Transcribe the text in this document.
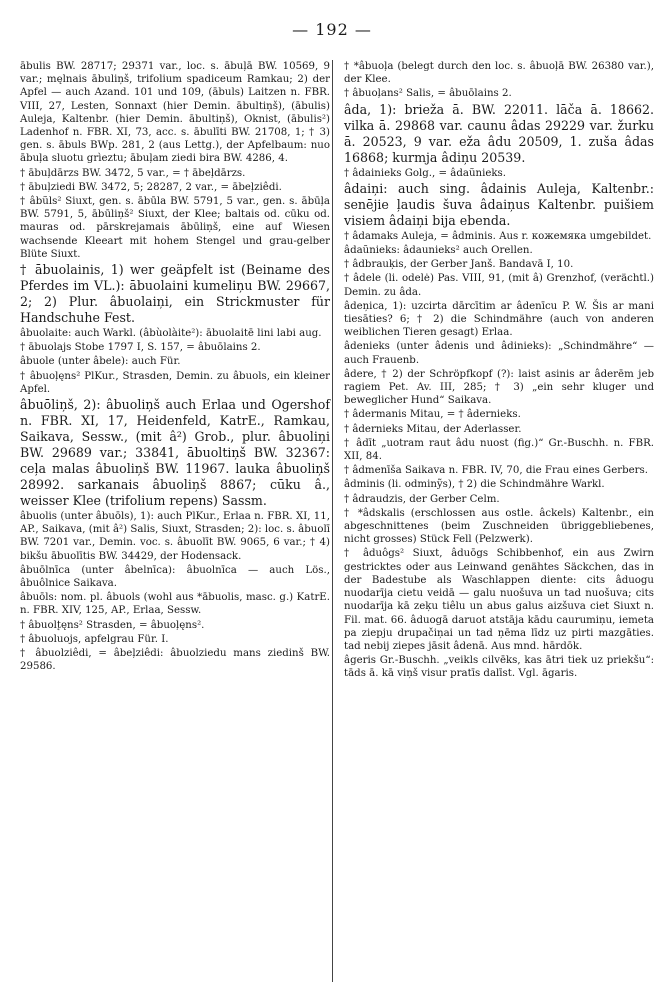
— 192 —

ābulis BW. 28717; 29371 var., loc. s. ābuļā BW. 10569, 9 var.; męlnais ābuliņš, trifolium spadiceum Ramkau; 2) der Apfel — auch Azand. 101 und 109, (ābuls) Laitzen n. FBR. VIII, 27, Lesten, Sonnaxt (hier Demin. ābultiņš), (ābulis) Auleja, Kaltenbr. (hier Demin. ābultiņš), Oknist, (ābulis²) Ladenhof n. FBR. XI, 73, acc. s. ābulīti BW. 21708, 1; † 3) gen. s. ābuls BWp. 281, 2 (aus Lettg.), der Apfelbaum: nuo ābuļa sluotu grìeztu; ābuļam ziedi bira BW. 4286, 4.

† ābuļdārzs BW. 3472, 5 var., = † ābeļdārzs.

† ābuļziedi BW. 3472, 5; 28287, 2 var., = ābeļziêdi.

† âbũls² Siuxt, gen. s. ābūla BW. 5791, 5 var., gen. s. ābūļa BW. 5791, 5, ābūliņš² Siuxt, der Klee; baltais od. cūku od. mauras od. pārskrejamais ābūliņš, eine auf Wiesen wachsende Kleeart mit hohem Stengel und grau-gelber Blüte Siuxt.

† ābuolainis, 1) wer geäpfelt ist (Beiname des Pferdes im VL.): ābuolaini kumeliņu BW. 29667, 2; 2) Plur. âbuolaiņi, ein Strickmuster für Handschuhe Fest.

âbuolaite: auch Warkl. (âbùolàite²): ābuolaitē lini labi aug.

† ābuolajs Stobe 1797 I, S. 157, = âbuōlains 2.

âbuole (unter âbele): auch Für.

† âbuoļęns² PlKur., Strasden, Demin. zu âbuols, ein kleiner Apfel.

âbuōliņš, 2): âbuoliņš auch Erlaa und Ogershof n. FBR. XI, 17, Heidenfeld, KatrE., Ramkau, Saikava, Sessw., (mit â²) Grob., plur. âbuoliņi BW. 29689 var.; 33841, ābuoltiņš BW. 32367: ceļa malas âbuoliņš BW. 11967. lauka âbuoliņš 28992. sarkanais âbuoliņš 8867; cūku â., weisser Klee (trifolium repens) Sassm.

âbuolis (unter âbuōls), 1): auch PlKur., Erlaa n. FBR. XI, 11, AP., Saikava, (mit â²) Salis, Siuxt, Strasden; 2): loc. s. âbuolī BW. 7201 var., Demin. voc. s. âbuolīt BW. 9065, 6 var.; † 4) bikšu ābuolītis BW. 34429, der Hodensack.

âbuōlnīca (unter âbelnīca): âbuolnīca — auch Lös., âbuôlnice Saikava.

âbuōls: nom. pl. âbuols (wohl aus *ābuolis, masc. g.) KatrE. n. FBR. XIV, 125, AP., Erlaa, Sessw.

† âbuolt̨ęns² Strasden, = âbuoļęns².

† âbuoluojs, apfelgrau Für. I.

† âbuolziêdi, = âbeļziêdi: âbuolziedu mans ziedinš BW. 29586.

† *âbuoļa (belegt durch den loc. s. âbuoļā BW. 26380 var.), der Klee.

† âbuoļans² Salis, = âbuōlains 2.

âda, 1): brieža ā. BW. 22011. lāča ā. 18662. vilka ā. 29868 var. caunu âdas 29229 var. žurku ā. 20523, 9 var. eža âdu 20509, 1. zuša âdas 16868; kurmja âdiņu 20539.

† âdainieks Golg., = âdaũnieks.

âdaiņi: auch sing. âdainis Auleja, Kaltenbr.: senējie ļaudis šuva âdaiņus Kaltenbr. puišiem visiem âdaiņi bija ebenda.

† âdamaks Auleja, = âdminis. Aus r. кожемяка umgebildet.

âdaũnieks: âdaunieks² auch Orellen.

† âdbrauķis, der Gerber Janš. Bandavā I, 10.

† âdele (li. odelė) Pas. VIII, 91, (mit â) Grenzhof, (verächtl.) Demin. zu âda.

âdeņica, 1): uzcirta dārcītim ar âdenīcu P. W. Šis ar mani tiesāties? 6; † 2) die Schindmähre (auch von anderen weiblichen Tieren gesagt) Erlaa.

âdenieks (unter âdenis und âdinieks): „Schindmähre“ — auch Frauenb.

âdere, † 2) der Schröpfkopf (?): laist asinis ar âderēm jeb ragiem Pet. Av. III, 285; † 3) „ein sehr kluger und beweglicher Hund“ Saikava.

† âdermanis Mitau, = † âdernieks.

† âdernieks Mitau, der Aderlasser.

† âdīt „uotram raut âdu nuost (fig.)“ Gr.-Buschh. n. FBR. XII, 84.

† âdmenīša Saikava n. FBR. IV, 70, die Frau eines Gerbers.

âdminis (li. odminỹs), † 2) die Schindmähre Warkl.

† âdraudzis, der Gerber Celm.

† *âdskalis (erschlossen aus ostle. âckels) Kaltenbr., ein abgeschnittenes (beim Zuschneiden übriggebliebenes, nicht grosses) Stück Fell (Pelzwerk).

† âduôgs² Siuxt, âduōgs Schibbenhof, ein aus Zwirn gestricktes oder aus Leinwand genähtes Säckchen, das in der Badestube als Waschlappen diente: cits âduogu nuodarīja cietu veidā — galu nuošuva un tad nuošuva; cits nuodarīja kā zeķu tiêlu un abus galus aizšuva ciet Siuxt n. Fil. mat. 66. âduogā daruot atstāja kādu caurumiņu, iemeta pa ziepju drupačiņai un tad ņēma līdz uz pirti mazgāties. tad nebij ziepes jāsit âdenā. Aus mnd. hārdōk.

âgeris Gr.-Buschh. „veikls cilvēks, kas ātri tiek uz priekšu“: tāds ā. kā viņš visur pratīs dalīst. Vgl. āgaris.
